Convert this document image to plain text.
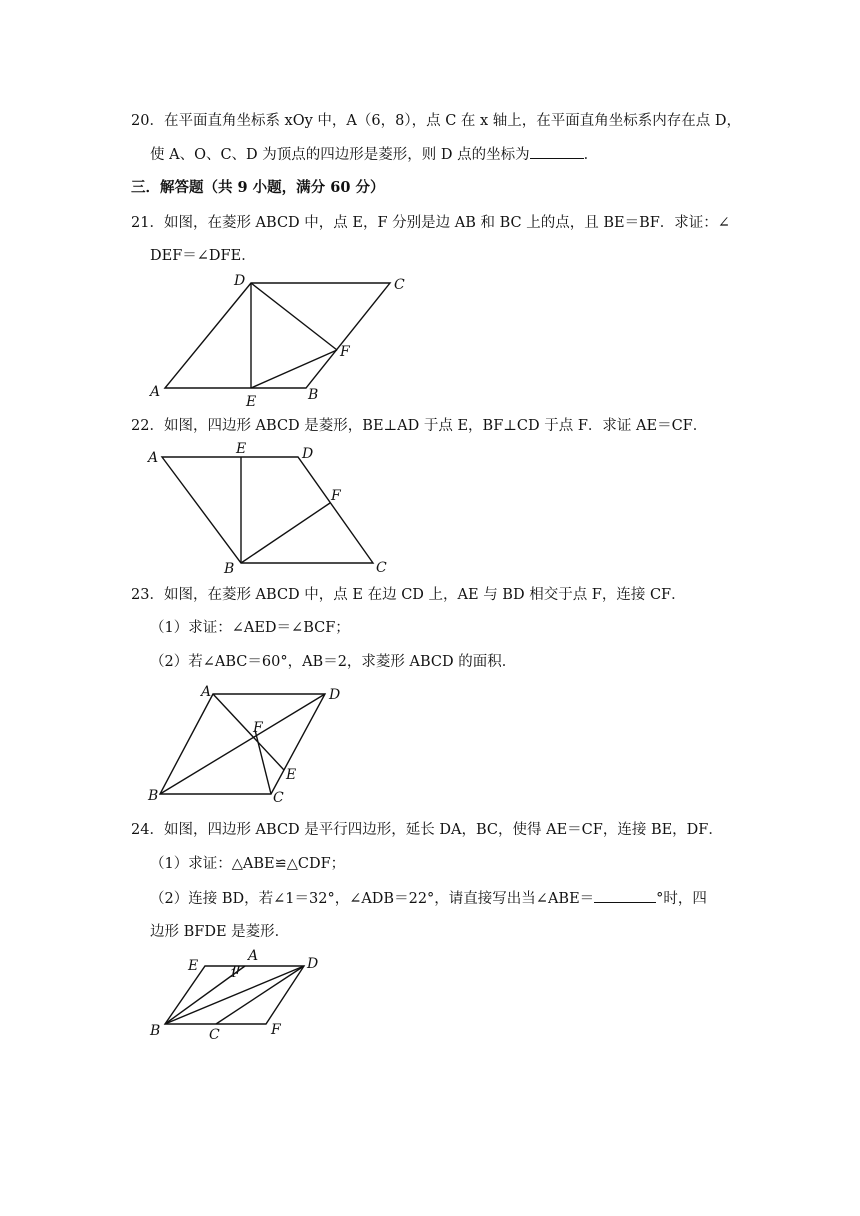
20．在平面直角坐标系 xOy 中，A（6，8），点 C 在 x 轴上，在平面直角坐标系内存在点 D，
使 A、O、C、D 为顶点的四边形是菱形，则 D 点的坐标为	．
三．解答题（共 9 小题，满分 60 分）
21．如图，在菱形 ABCD 中，点 E，F 分别是边 AB 和 BC 上的点，且 BE＝BF．求证：∠
DEF＝∠DFE．
D	C
F
A
E	B
22．如图，四边形 ABCD 是菱形，BE⊥AD 于点 E，BF⊥CD 于点 F．求证 AE＝CF．
A
E	D
F
B	C
23．如图，在菱形 ABCD 中，点 E 在边 CD 上，AE 与 BD 相交于点 F，连接 CF．
（1）求证：∠AED＝∠BCF；
（2）若∠ABC＝60°，AB＝2，求菱形 ABCD 的面积．
A	D
F
E
B	C
24．如图，四边形 ABCD 是平行四边形，延长 DA，BC，使得 AE＝CF，连接 BE，DF．
（1）求证：△ABE≌△CDF；
（2）连接 BD，若∠1＝32°，∠ADB＝22°，请直接写出当∠ABE＝	°时，四
边形 BFDE 是菱形．
E
A
1
D
B	C	F
